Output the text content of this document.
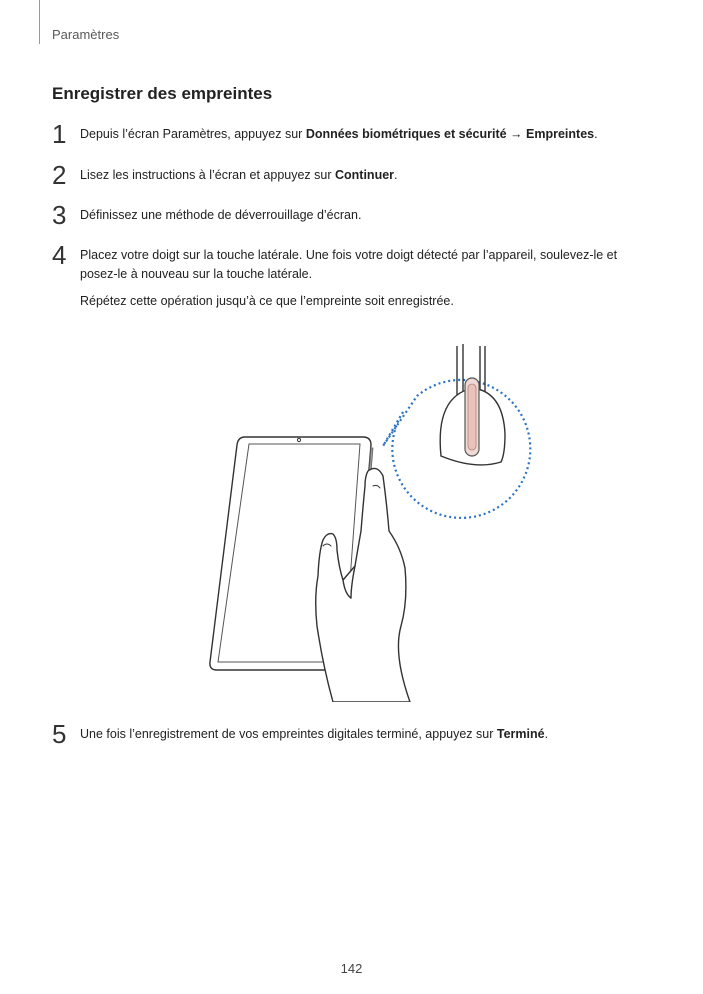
Paramètres
Enregistrer des empreintes
1 Depuis l’écran Paramètres, appuyez sur Données biométriques et sécurité → Empreintes.
2 Lisez les instructions à l’écran et appuyez sur Continuer.
3 Définissez une méthode de déverrouillage d’écran.
4 Placez votre doigt sur la touche latérale. Une fois votre doigt détecté par l’appareil, soulevez-le et posez-le à nouveau sur la touche latérale.
Répétez cette opération jusqu’à ce que l’empreinte soit enregistrée.
5 Une fois l’enregistrement de vos empreintes digitales terminé, appuyez sur Terminé.
142
